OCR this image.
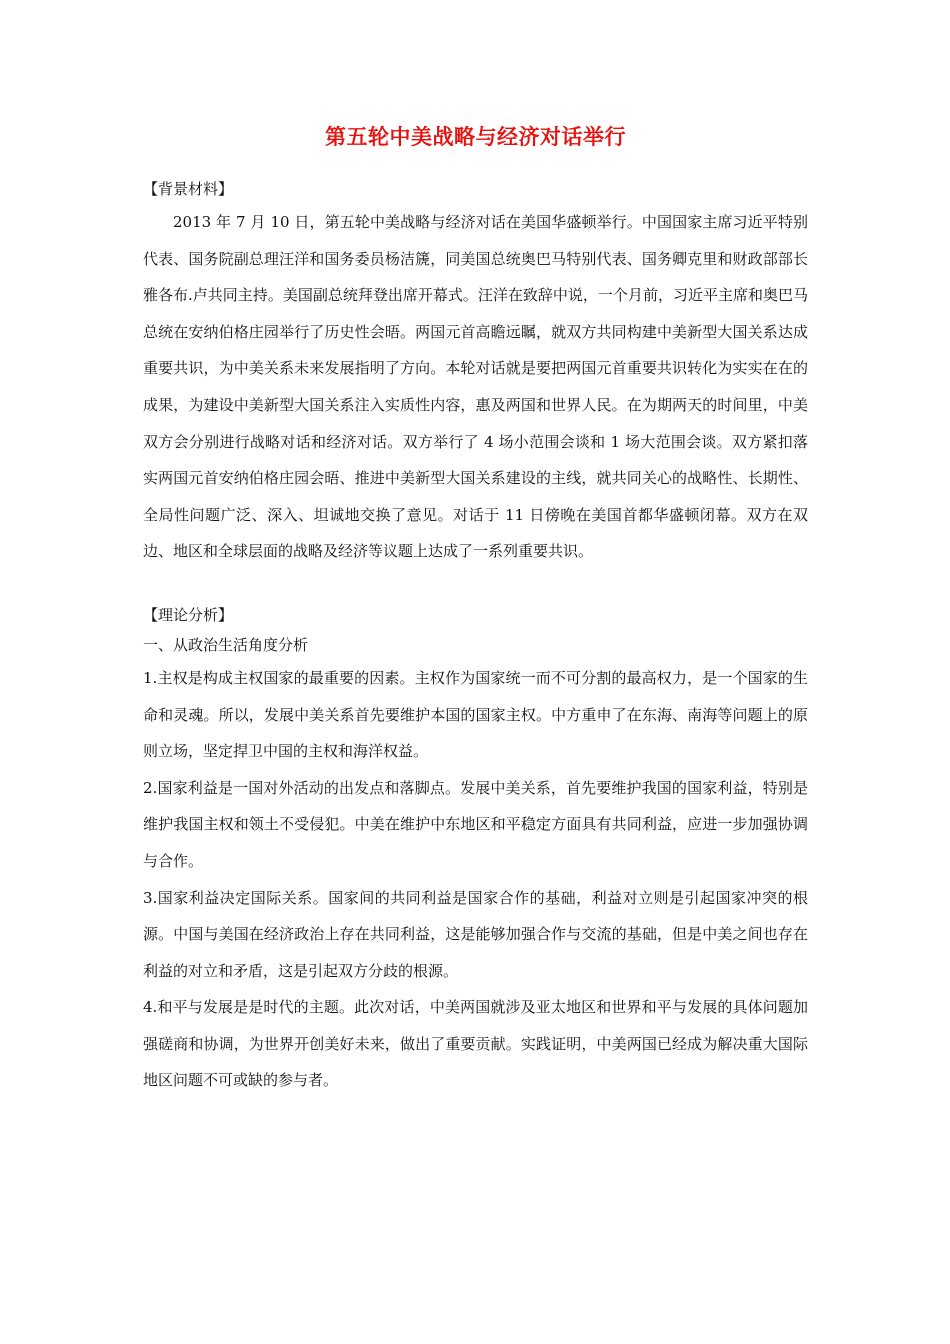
第五轮中美战略与经济对话举行

【背景材料】

2013 年 7 月 10 日，第五轮中美战略与经济对话在美国华盛顿举行。中国国家主席习近平特别代表、国务院副总理汪洋和国务委员杨洁篪，同美国总统奥巴马特别代表、国务卿克里和财政部部长雅各布.卢共同主持。美国副总统拜登出席开幕式。汪洋在致辞中说，一个月前，习近平主席和奥巴马总统在安纳伯格庄园举行了历史性会晤。两国元首高瞻远瞩，就双方共同构建中美新型大国关系达成重要共识，为中美关系未来发展指明了方向。本轮对话就是要把两国元首重要共识转化为实实在在的成果，为建设中美新型大国关系注入实质性内容，惠及两国和世界人民。在为期两天的时间里，中美双方会分别进行战略对话和经济对话。双方举行了 4 场小范围会谈和 1 场大范围会谈。双方紧扣落实两国元首安纳伯格庄园会晤、推进中美新型大国关系建设的主线，就共同关心的战略性、长期性、全局性问题广泛、深入、坦诚地交换了意见。对话于 11 日傍晚在美国首都华盛顿闭幕。双方在双边、地区和全球层面的战略及经济等议题上达成了一系列重要共识。

【理论分析】

一、从政治生活角度分析

1.主权是构成主权国家的最重要的因素。主权作为国家统一而不可分割的最高权力，是一个国家的生命和灵魂。所以，发展中美关系首先要维护本国的国家主权。中方重申了在东海、南海等问题上的原则立场，坚定捍卫中国的主权和海洋权益。

2.国家利益是一国对外活动的出发点和落脚点。发展中美关系，首先要维护我国的国家利益，特别是维护我国主权和领土不受侵犯。中美在维护中东地区和平稳定方面具有共同利益，应进一步加强协调与合作。

3.国家利益决定国际关系。国家间的共同利益是国家合作的基础，利益对立则是引起国家冲突的根源。中国与美国在经济政治上存在共同利益，这是能够加强合作与交流的基础，但是中美之间也存在利益的对立和矛盾，这是引起双方分歧的根源。

4.和平与发展是是时代的主题。此次对话，中美两国就涉及亚太地区和世界和平与发展的具体问题加强磋商和协调，为世界开创美好未来，做出了重要贡献。实践证明，中美两国已经成为解决重大国际地区问题不可或缺的参与者。
